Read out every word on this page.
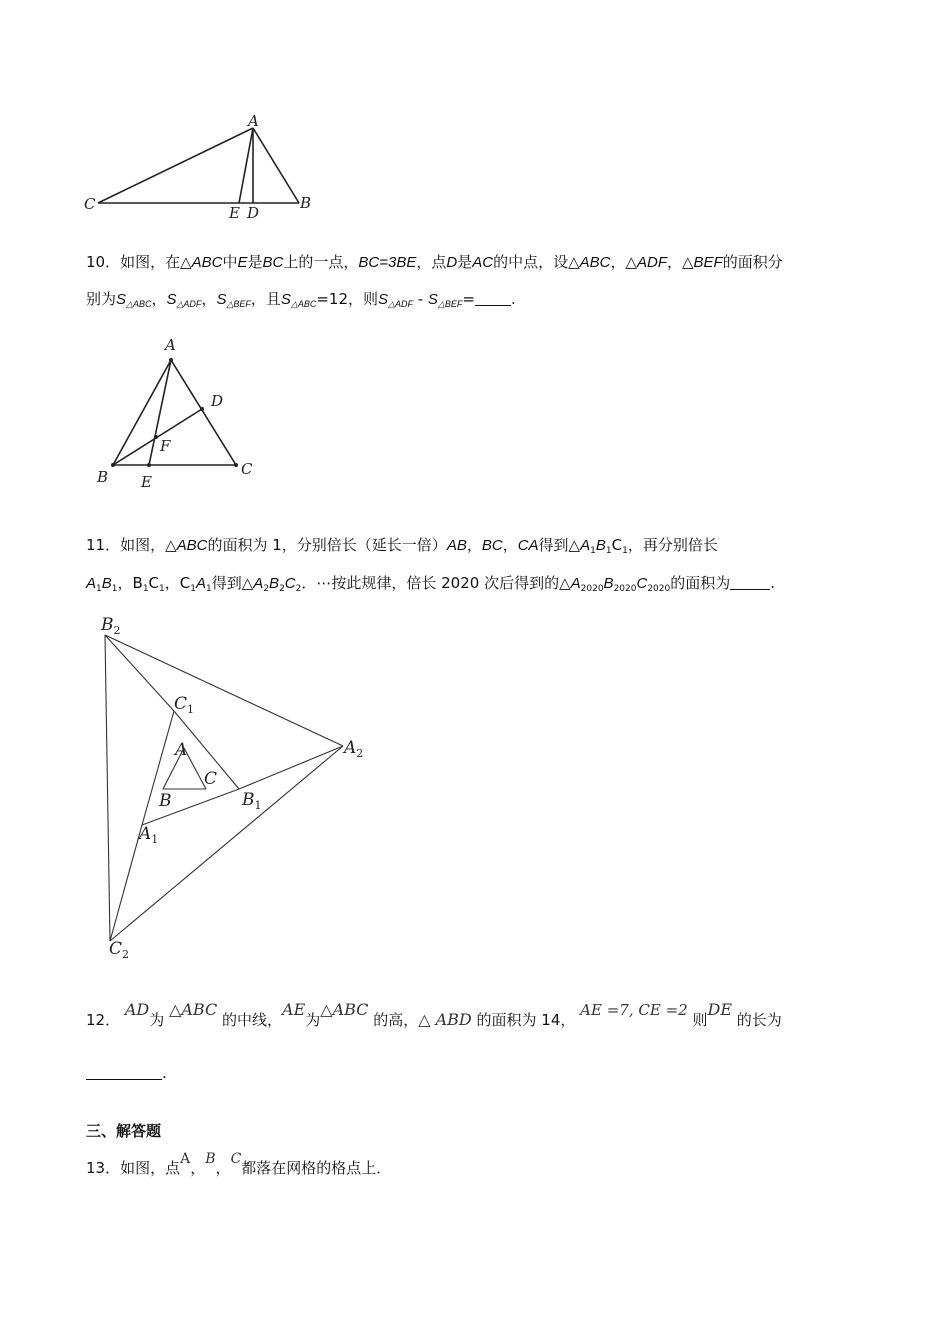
A
C	E D
B
10．如图，在△ABC中E是BC上的一点，BC=3BE，点D是AC的中点，设△ABC，△ADF，△BEF的面积分
别为$S_{\triangle ABC}$，$S_{\triangle ADF}$，$S_{\triangle BEF}$，且$S_{\triangle ABC}=12$，则$S_{\triangle ADF} - S_{\triangle BEF}=$ .
A
D
F
B E
C
11．如图，△ABC的面积为 1，分别倍长（延长一倍）AB，BC，CA得到$\triangle A_1B_1C_1$，再分别倍长
$A_1B_1$，$B_1C_1$，$C_1A_1$得到$\triangle A_2B_2C_2$．⋯按此规律，倍长 2020 次后得到的$\triangle A_{2020}B_{2020}C_{2020}$的面积为	.
$B_2$
$C_1$
$A_2$
A
C
B	$B_1$
$A_1$
$C_2$
12． AD为 △ABC 的中线，AE为△ABC 的高，△ ABD 的面积为 14， AE =7, CE =2 则DE 的长为
.
三、解答题
13．如图，点A，B，C都落在网格的格点上．
